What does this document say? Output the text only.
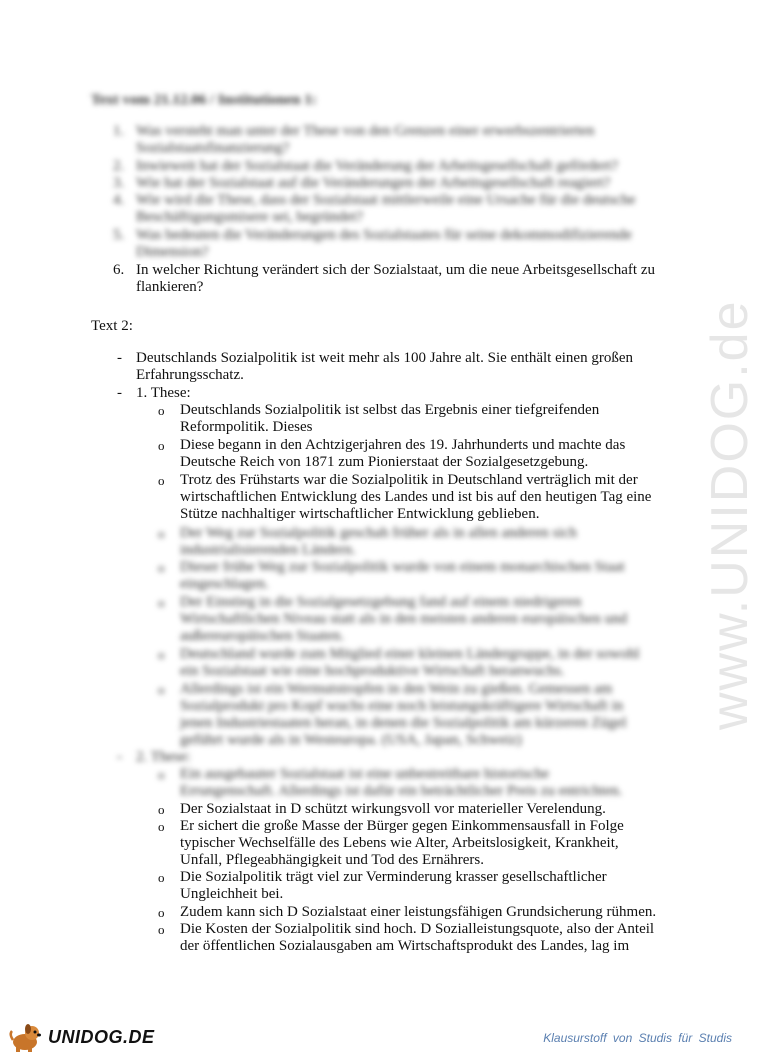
www.UNIDOG.de
Text vom 21.12.06 / Institutionen 1:
1. Was versteht man unter der These von den Grenzen einer erwerbszentrierten
Sozialstaatsfinanzierung?
2. Inwieweit hat der Sozialstaat die Veränderung der Arbeitsgesellschaft gefördert?
3. Wie hat der Sozialstaat auf die Veränderungen der Arbeitsgesellschaft reagiert?
4. Wie wird die These, dass der Sozialstaat mittlerweile eine Ursache für die deutsche
Beschäftigungsmisere sei, begründet?
5. Was bedeuten die Veränderungen des Sozialstaates für seine dekommodifizierende
Dimension?
6. In welcher Richtung verändert sich der Sozialstaat, um die neue Arbeitsgesellschaft zu
flankieren?
- Deutschlands Sozialpolitik ist weit mehr als 100 Jahre alt. Sie enthält einen großen
Erfahrungsschatz.
- 1. These:
- 2. These:
o Deutschlands Sozialpolitik ist selbst das Ergebnis einer tiefgreifenden
Reformpolitik. Dieses
o Diese begann in den Achtzigerjahren des 19. Jahrhunderts und machte das
Deutsche Reich von 1871 zum Pionierstaat der Sozialgesetzgebung.
o Trotz des Frühstarts war die Sozialpolitik in Deutschland verträglich mit der
wirtschaftlichen Entwicklung des Landes und ist bis auf den heutigen Tag eine
Stütze nachhaltiger wirtschaftlicher Entwicklung geblieben.
o Der Weg zur Sozialpolitik geschah früher als in allen anderen sich
industrialisierenden Ländern.
o Dieser frühe Weg zur Sozialpolitik wurde von einem monarchischen Staat
eingeschlagen.
o Der Einstieg in die Sozialgesetzgebung fand auf einem niedrigeren
Wirtschaftlichen Niveau statt als in den meisten anderen europäischen und
außereuropäischen Staaten.
o Deutschland wurde zum Mitglied einer kleinen Ländergruppe, in der sowohl
ein Sozialstaat wie eine hochproduktive Wirtschaft heranwuchs.
o Allerdings ist ein Wermutstropfen in den Wein zu gießen. Gemessen am
Sozialprodukt pro Kopf wuchs eine noch leistungskräftigere Wirtschaft in
jenen Industriestaaten heran, in denen die Sozialpolitik am kürzeren Zügel
geführt wurde als in Westeuropa. (USA, Japan, Schweiz)
o Ein ausgebauter Sozialstaat ist eine unbestreitbare historische
Errungenschaft. Allerdings ist dafür ein beträchtlicher Preis zu entrichten.
o Der Sozialstaat in D schützt wirkungsvoll vor materieller Verelendung.
o Er sichert die große Masse der Bürger gegen Einkommensausfall in Folge
typischer Wechselfälle des Lebens wie Alter, Arbeitslosigkeit, Krankheit,
Unfall, Pflegeabhängigkeit und Tod des Ernährers.
o Die Sozialpolitik trägt viel zur Verminderung krasser gesellschaftlicher
Ungleichheit bei.
o Zudem kann sich D Sozialstaat einer leistungsfähigen Grundsicherung rühmen.
o Die Kosten der Sozialpolitik sind hoch. D Sozialleistungsquote, also der Anteil
der öffentlichen Sozialausgaben am Wirtschaftsprodukt des Landes, lag im
Text 2:
UNIDOG.DE	Klausurstoff von Studis für Studis
